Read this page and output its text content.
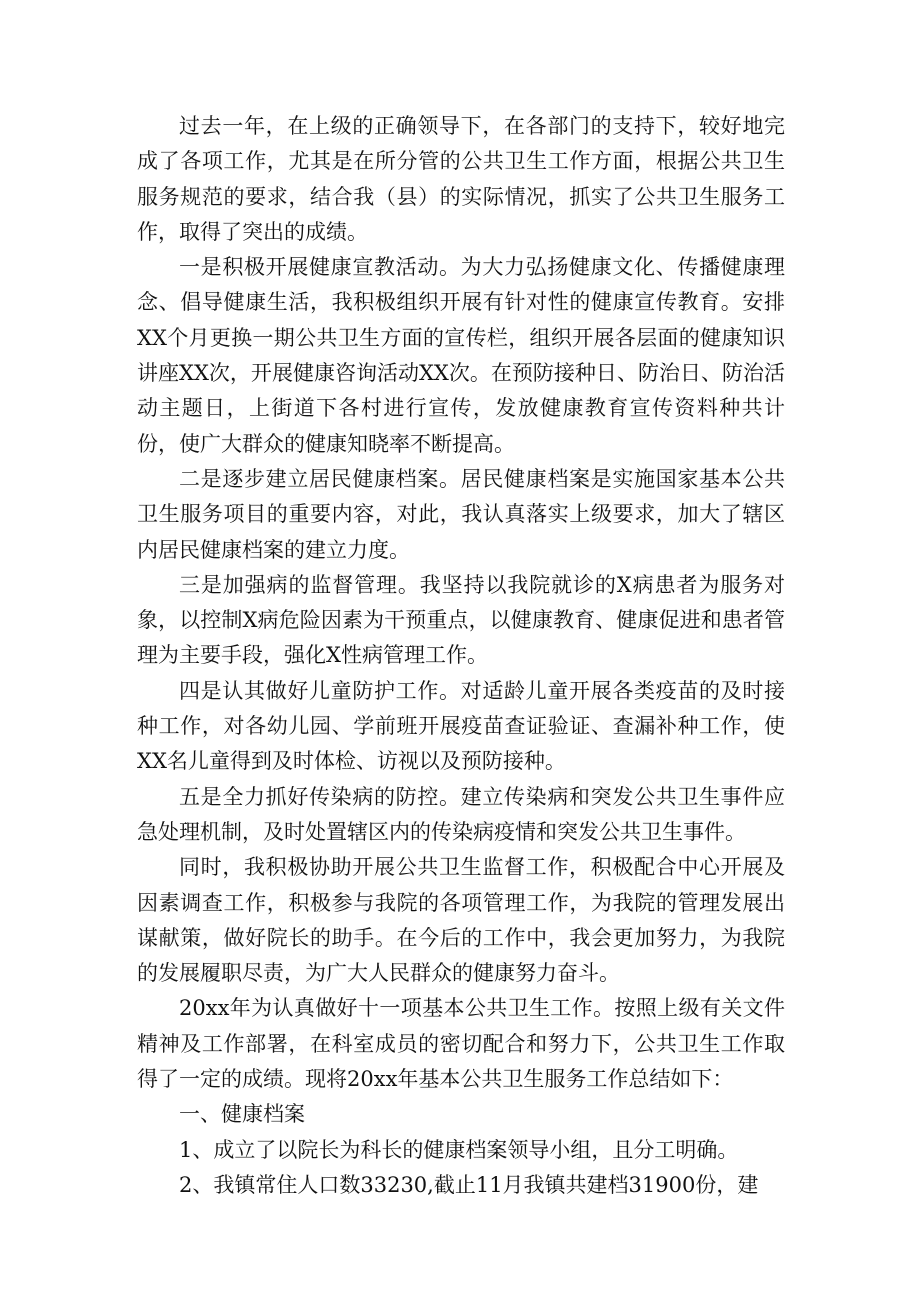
过去一年，在上级的正确领导下，在各部门的支持下，较好地完成了各项工作，尤其是在所分管的公共卫生工作方面，根据公共卫生服务规范的要求，结合我（县）的实际情况，抓实了公共卫生服务工作，取得了突出的成绩。

一是积极开展健康宣教活动。为大力弘扬健康文化、传播健康理念、倡导健康生活，我积极组织开展有针对性的健康宣传教育。安排XX个月更换一期公共卫生方面的宣传栏，组织开展各层面的健康知识讲座XX次，开展健康咨询活动XX次。在预防接种日、防治日、防治活动主题日，上街道下各村进行宣传，发放健康教育宣传资料种共计份，使广大群众的健康知晓率不断提高。

二是逐步建立居民健康档案。居民健康档案是实施国家基本公共卫生服务项目的重要内容，对此，我认真落实上级要求，加大了辖区内居民健康档案的建立力度。

三是加强病的监督管理。我坚持以我院就诊的X病患者为服务对象，以控制X病危险因素为干预重点，以健康教育、健康促进和患者管理为主要手段，强化X性病管理工作。

四是认其做好儿童防护工作。对适龄儿童开展各类疫苗的及时接种工作，对各幼儿园、学前班开展疫苗查证验证、查漏补种工作，使XX名儿童得到及时体检、访视以及预防接种。

五是全力抓好传染病的防控。建立传染病和突发公共卫生事件应急处理机制，及时处置辖区内的传染病疫情和突发公共卫生事件。

同时，我积极协助开展公共卫生监督工作，积极配合中心开展及因素调查工作，积极参与我院的各项管理工作，为我院的管理发展出谋献策，做好院长的助手。在今后的工作中，我会更加努力，为我院的发展履职尽责，为广大人民群众的健康努力奋斗。

20xx年为认真做好十一项基本公共卫生工作。按照上级有关文件精神及工作部署，在科室成员的密切配合和努力下，公共卫生工作取得了一定的成绩。现将20xx年基本公共卫生服务工作总结如下：

一、健康档案

1、成立了以院长为科长的健康档案领导小组，且分工明确。

2、我镇常住人口数33230,截止11月我镇共建档31900份，建
